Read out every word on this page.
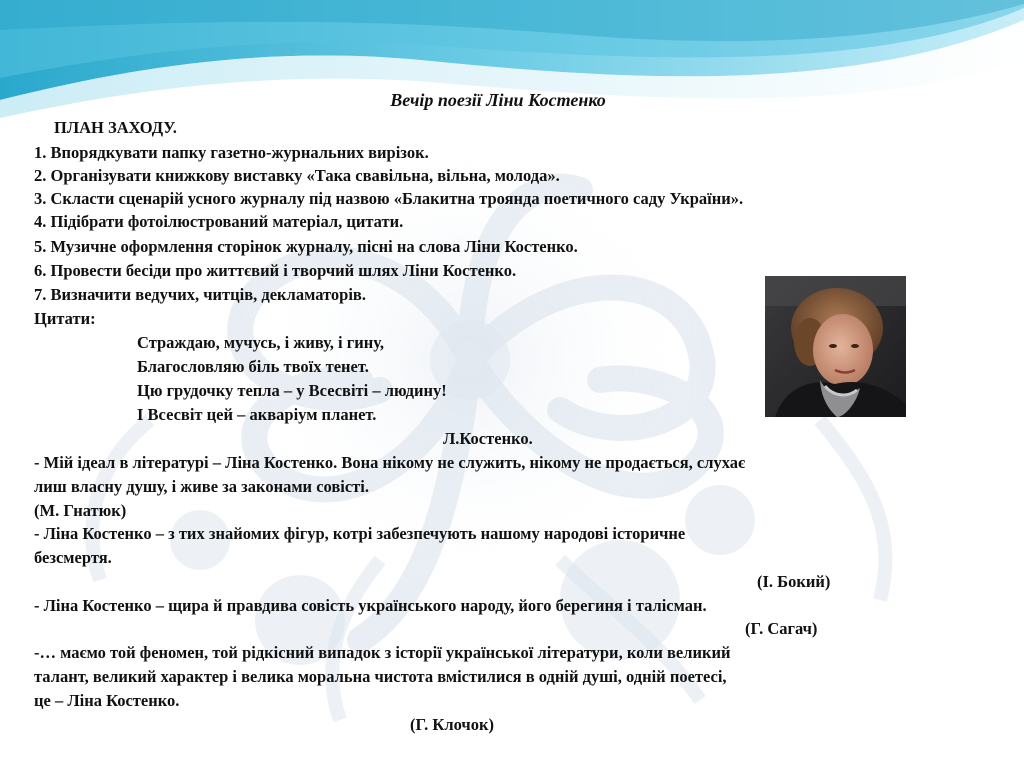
Вечір поезії Ліни Костенко
ПЛАН ЗАХОДУ.
1. Впорядкувати папку газетно-журнальних вирізок.
2. Організувати книжкову виставку «Така свавільна, вільна, молода».
3. Скласти сценарій усного журналу під назвою «Блакитна троянда поетичного саду України».
4. Підібрати фотоілюстрований матеріал, цитати.
5. Музичне оформлення сторінок журналу, пісні на слова Ліни Костенко.
6. Провести бесіди про життєвий і творчий шлях Ліни Костенко.
7. Визначити ведучих, читців, декламаторів.
Цитати:
Страждаю, мучусь, і живу, і гину,
Благословляю біль твоїх тенет.
Цю грудочку тепла – у Всесвіті – людину!
І Всесвіт цей – акваріум планет.
Л.Костенко.
- Мій ідеал в літературі – Ліна Костенко. Вона нікому не служить, нікому не продається, слухає
лиш власну душу, і живе за законами совісті.
(М. Гнатюк)
- Ліна Костенко – з тих знайомих фігур, котрі забезпечують нашому народові історичне
безсмертя.
(І. Бокий)
- Ліна Костенко – щира й правдива совість українського народу, його берегиня і талісман.
(Г. Сагач)
-… маємо той феномен, той рідкісний випадок з історії української літератури, коли великий
талант, великий характер і велика моральна чистота вмістилися в одній душі, одній поетесі,
це – Ліна Костенко.
(Г. Клочок)
